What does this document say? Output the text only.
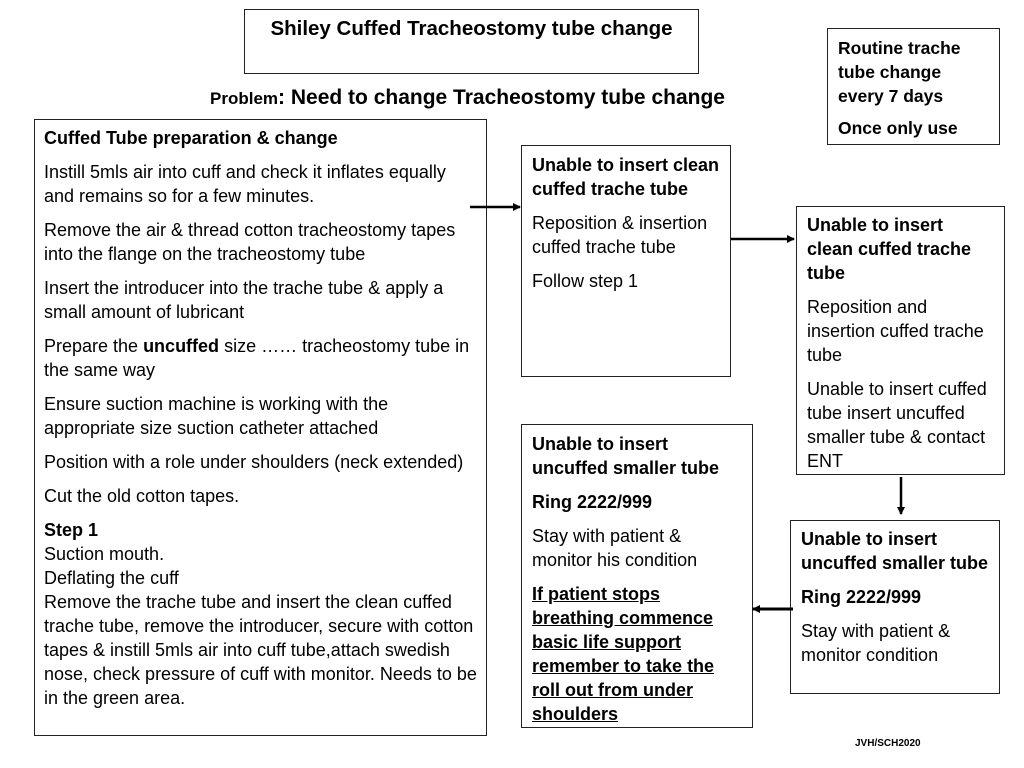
Shiley Cuffed Tracheostomy tube change

Routine trache tube change every 7 days

Once only use

Problem: Need to change Tracheostomy tube change

Cuffed Tube preparation & change

Instill 5mls air into cuff and check it inflates equally and remains so for a few minutes.

Remove the air & thread cotton tracheostomy tapes into the flange on the tracheostomy tube

Insert the introducer into the trache tube & apply a small amount of lubricant

Prepare the uncuffed size …… tracheostomy tube in the same way

Ensure suction machine is working with the appropriate size suction catheter attached

Position with a role under shoulders (neck extended)

Cut the old cotton tapes.

Step 1
Suction mouth.
Deflating the cuff
Remove the trache tube and insert the clean cuffed trache tube, remove the introducer, secure with cotton tapes & instill 5mls air into cuff tube,attach swedish nose, check pressure of cuff with monitor. Needs to be in the green area.

Unable to insert clean cuffed trache tube

Reposition & insertion cuffed trache tube

Follow step 1

Unable to insert clean cuffed trache tube

Reposition and insertion cuffed trache tube

Unable to insert cuffed tube insert uncuffed smaller tube & contact ENT

Unable to insert uncuffed smaller tube

Ring 2222/999

Stay with patient & monitor his condition

If patient stops breathing commence basic life support remember to take the roll out from under shoulders

Unable to insert uncuffed smaller tube

Ring 2222/999

Stay with patient & monitor condition

JVH/SCH2020
